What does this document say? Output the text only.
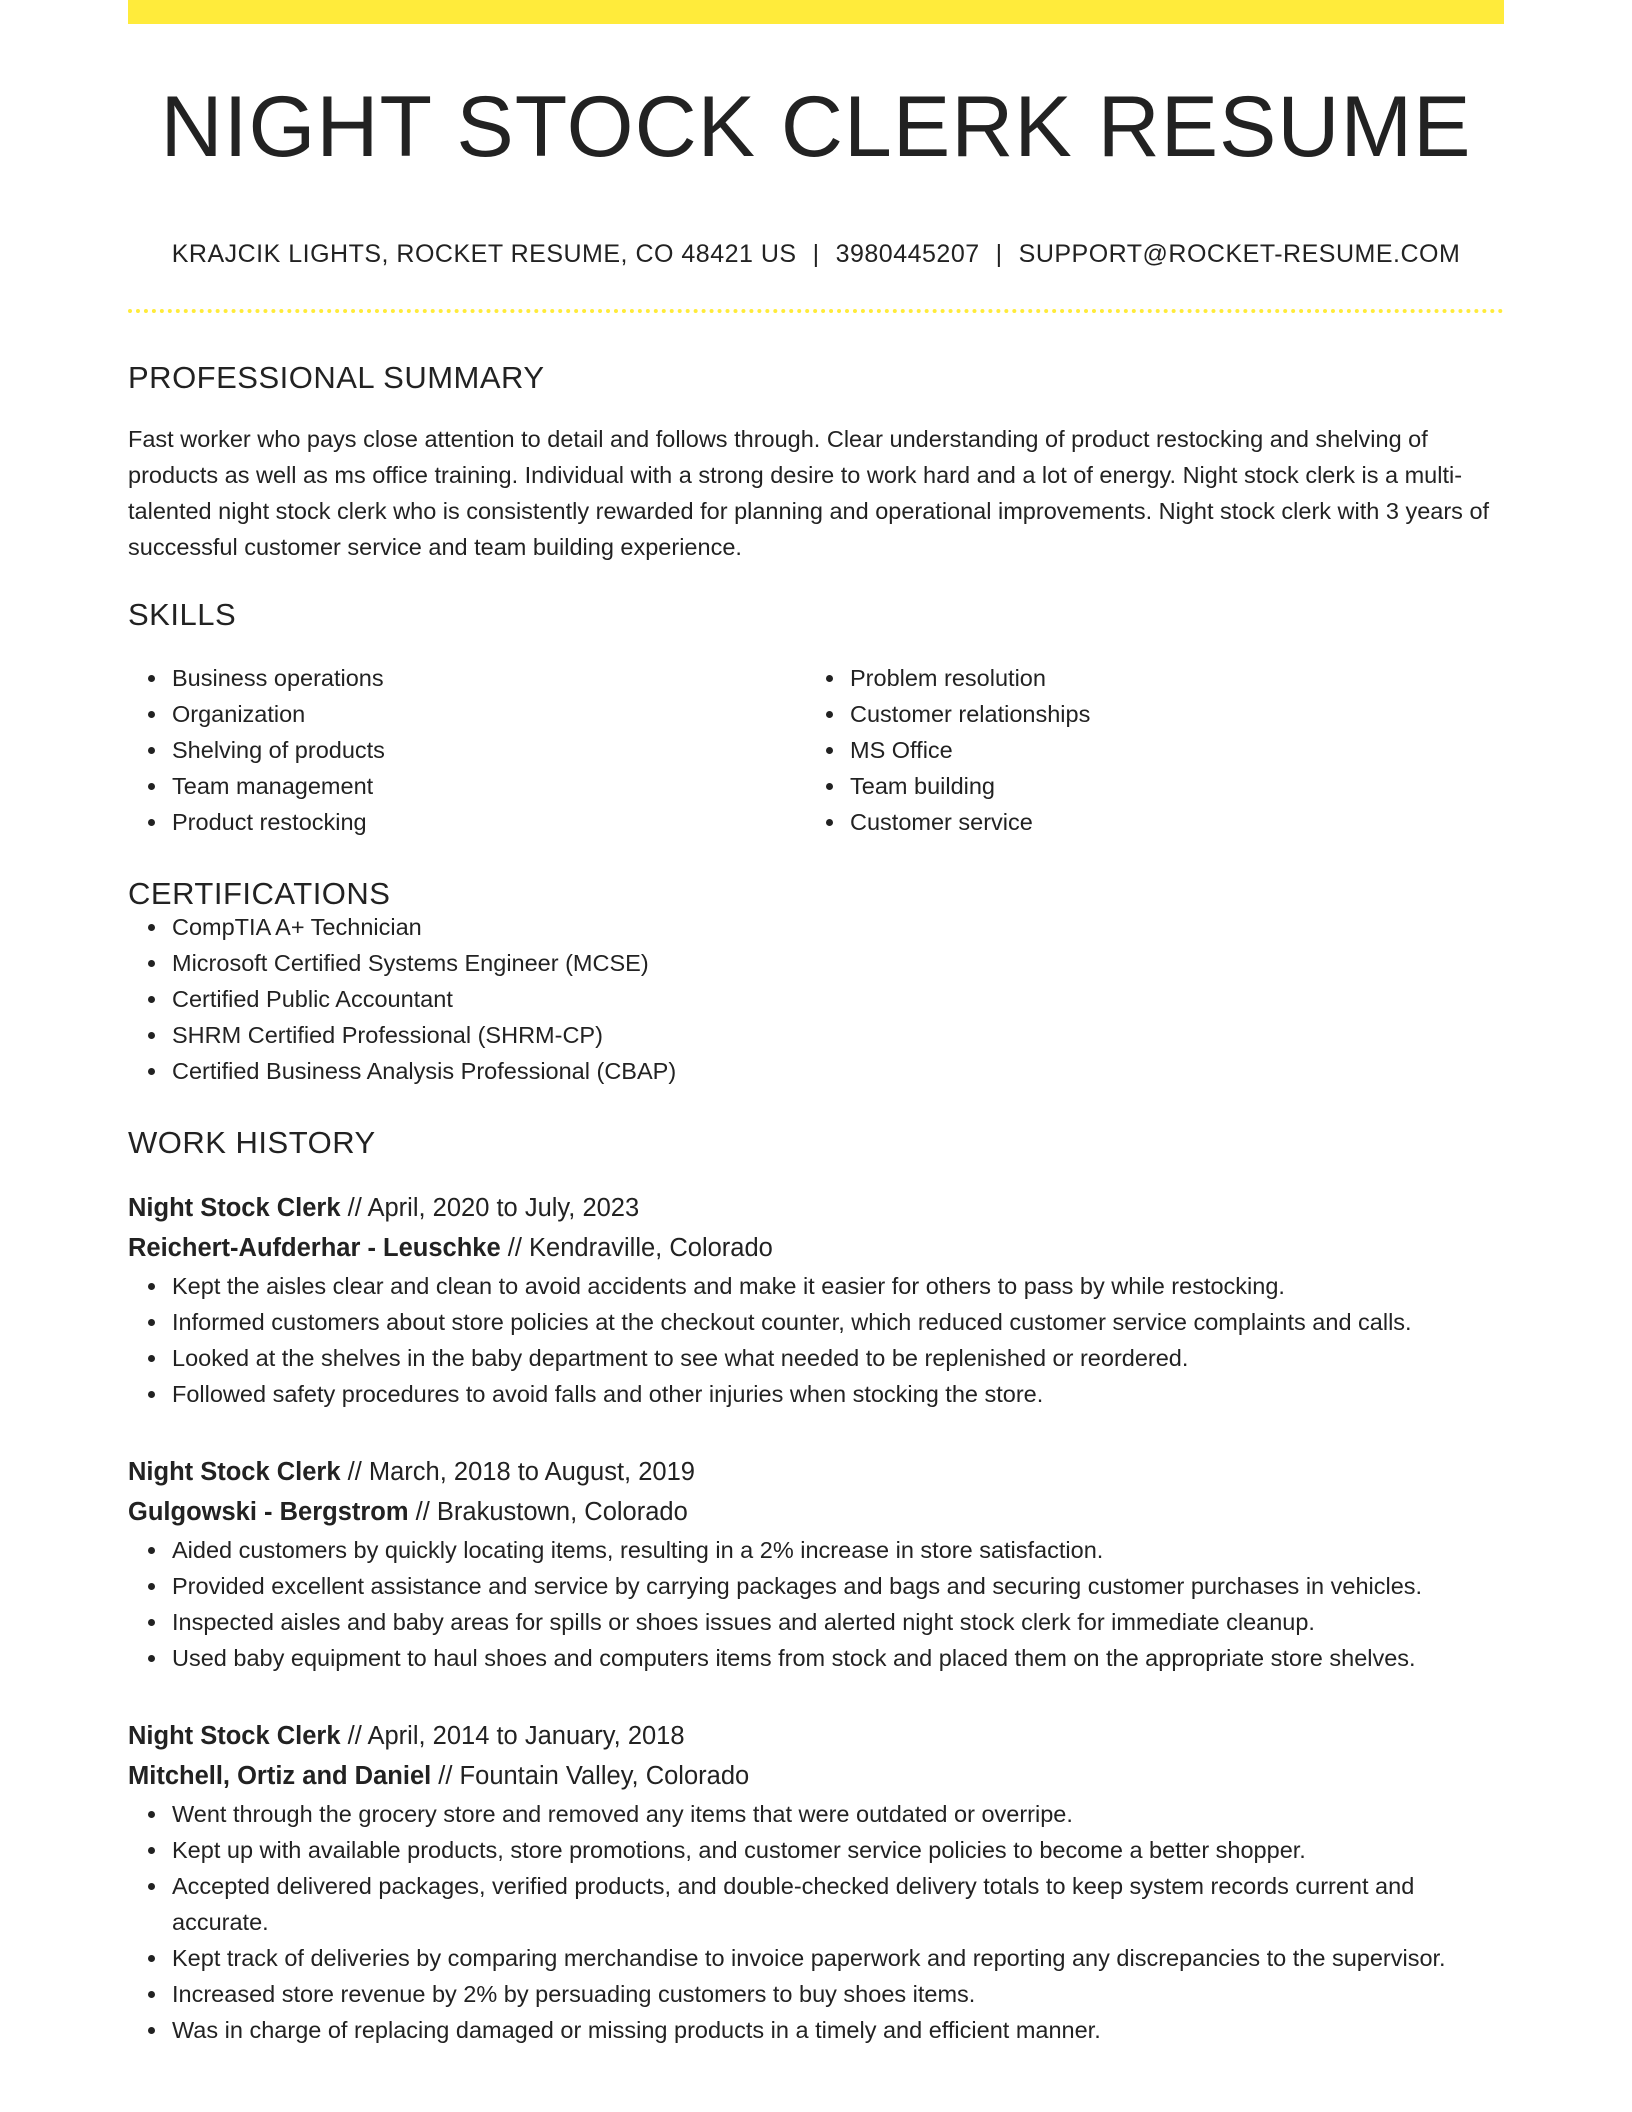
NIGHT STOCK CLERK RESUME
KRAJCIK LIGHTS, ROCKET RESUME, CO 48421 US | 3980445207 | SUPPORT@ROCKET-RESUME.COM
PROFESSIONAL SUMMARY

Fast worker who pays close attention to detail and follows through. Clear understanding of product restocking and shelving of products as well as ms office training. Individual with a strong desire to work hard and a lot of energy. Night stock clerk is a multi-talented night stock clerk who is consistently rewarded for planning and operational improvements. Night stock clerk with 3 years of successful customer service and team building experience.

SKILLS
Business operations
Organization
Shelving of products
Team management
Product restocking
Problem resolution
Customer relationships
MS Office
Team building
Customer service
CERTIFICATIONS
CompTIA A+ Technician
Microsoft Certified Systems Engineer (MCSE)
Certified Public Accountant
SHRM Certified Professional (SHRM-CP)
Certified Business Analysis Professional (CBAP)
WORK HISTORY
Night Stock Clerk // April, 2020 to July, 2023
Reichert-Aufderhar - Leuschke // Kendraville, Colorado
Kept the aisles clear and clean to avoid accidents and make it easier for others to pass by while restocking.
Informed customers about store policies at the checkout counter, which reduced customer service complaints and calls.
Looked at the shelves in the baby department to see what needed to be replenished or reordered.
Followed safety procedures to avoid falls and other injuries when stocking the store.
Night Stock Clerk // March, 2018 to August, 2019
Gulgowski - Bergstrom // Brakustown, Colorado
Aided customers by quickly locating items, resulting in a 2% increase in store satisfaction.
Provided excellent assistance and service by carrying packages and bags and securing customer purchases in vehicles.
Inspected aisles and baby areas for spills or shoes issues and alerted night stock clerk for immediate cleanup.
Used baby equipment to haul shoes and computers items from stock and placed them on the appropriate store shelves.
Night Stock Clerk // April, 2014 to January, 2018
Mitchell, Ortiz and Daniel // Fountain Valley, Colorado
Went through the grocery store and removed any items that were outdated or overripe.
Kept up with available products, store promotions, and customer service policies to become a better shopper.
Accepted delivered packages, verified products, and double-checked delivery totals to keep system records current and accurate.
Kept track of deliveries by comparing merchandise to invoice paperwork and reporting any discrepancies to the supervisor.
Increased store revenue by 2% by persuading customers to buy shoes items.
Was in charge of replacing damaged or missing products in a timely and efficient manner.
